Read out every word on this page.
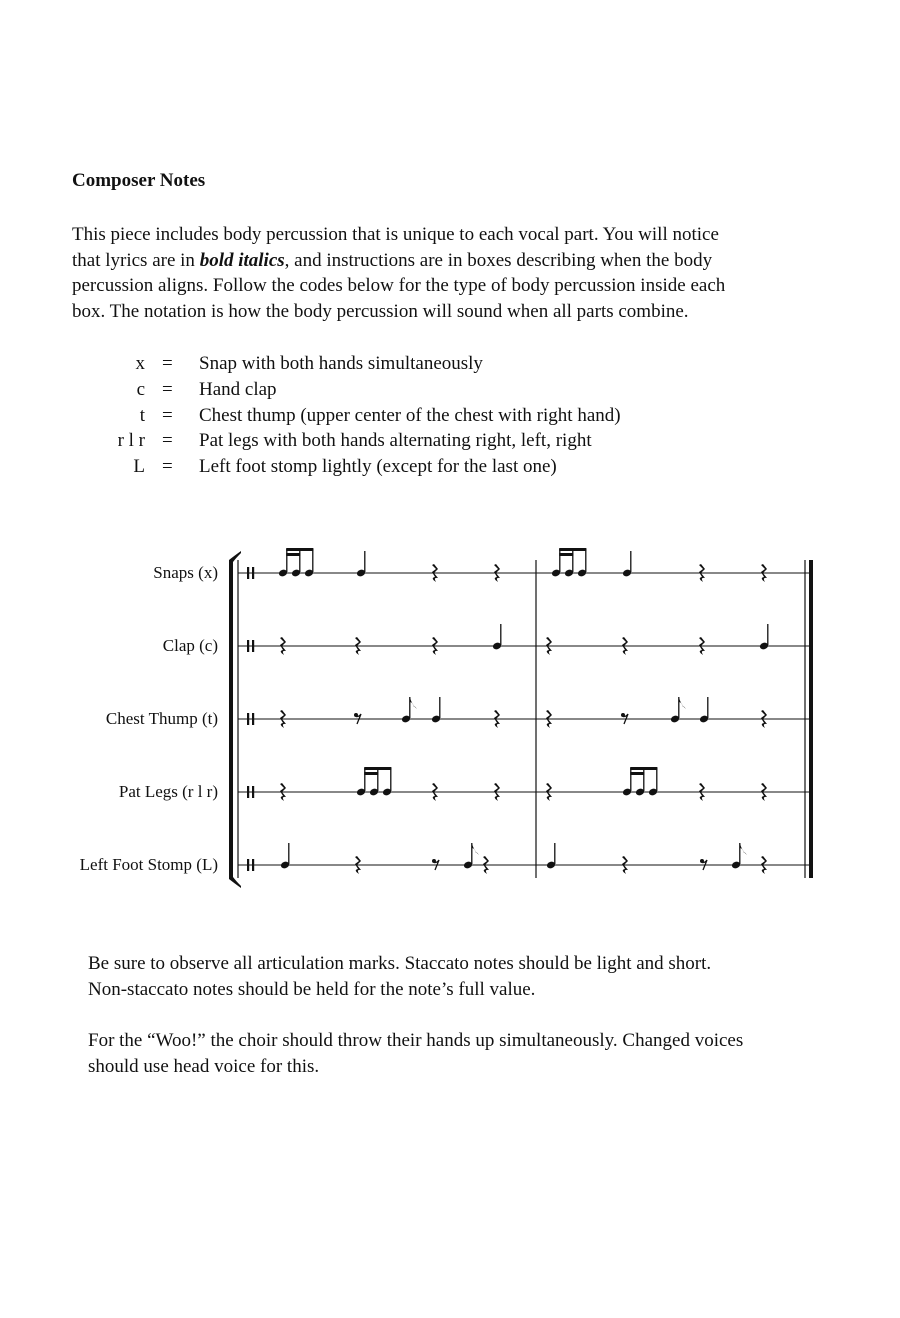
Composer Notes
This piece includes body percussion that is unique to each vocal part. You will notice
that lyrics are in bold italics, and instructions are in boxes describing when the body
percussion aligns. Follow the codes below for the type of body percussion inside each
box. The notation is how the body percussion will sound when all parts combine.
x = Snap with both hands simultaneously
c = Hand clap
t = Chest thump (upper center of the chest with right hand)
r l r = Pat legs with both hands alternating right, left, right
L = Left foot stomp lightly (except for the last one)
Snaps (x)
Clap (c)
Chest Thump (t)
Pat Legs (r l r)
Left Foot Stomp (L)
Be sure to observe all articulation marks. Staccato notes should be light and short.
Non-staccato notes should be held for the note’s full value.
For the “Woo!” the choir should throw their hands up simultaneously. Changed voices
should use head voice for this.
